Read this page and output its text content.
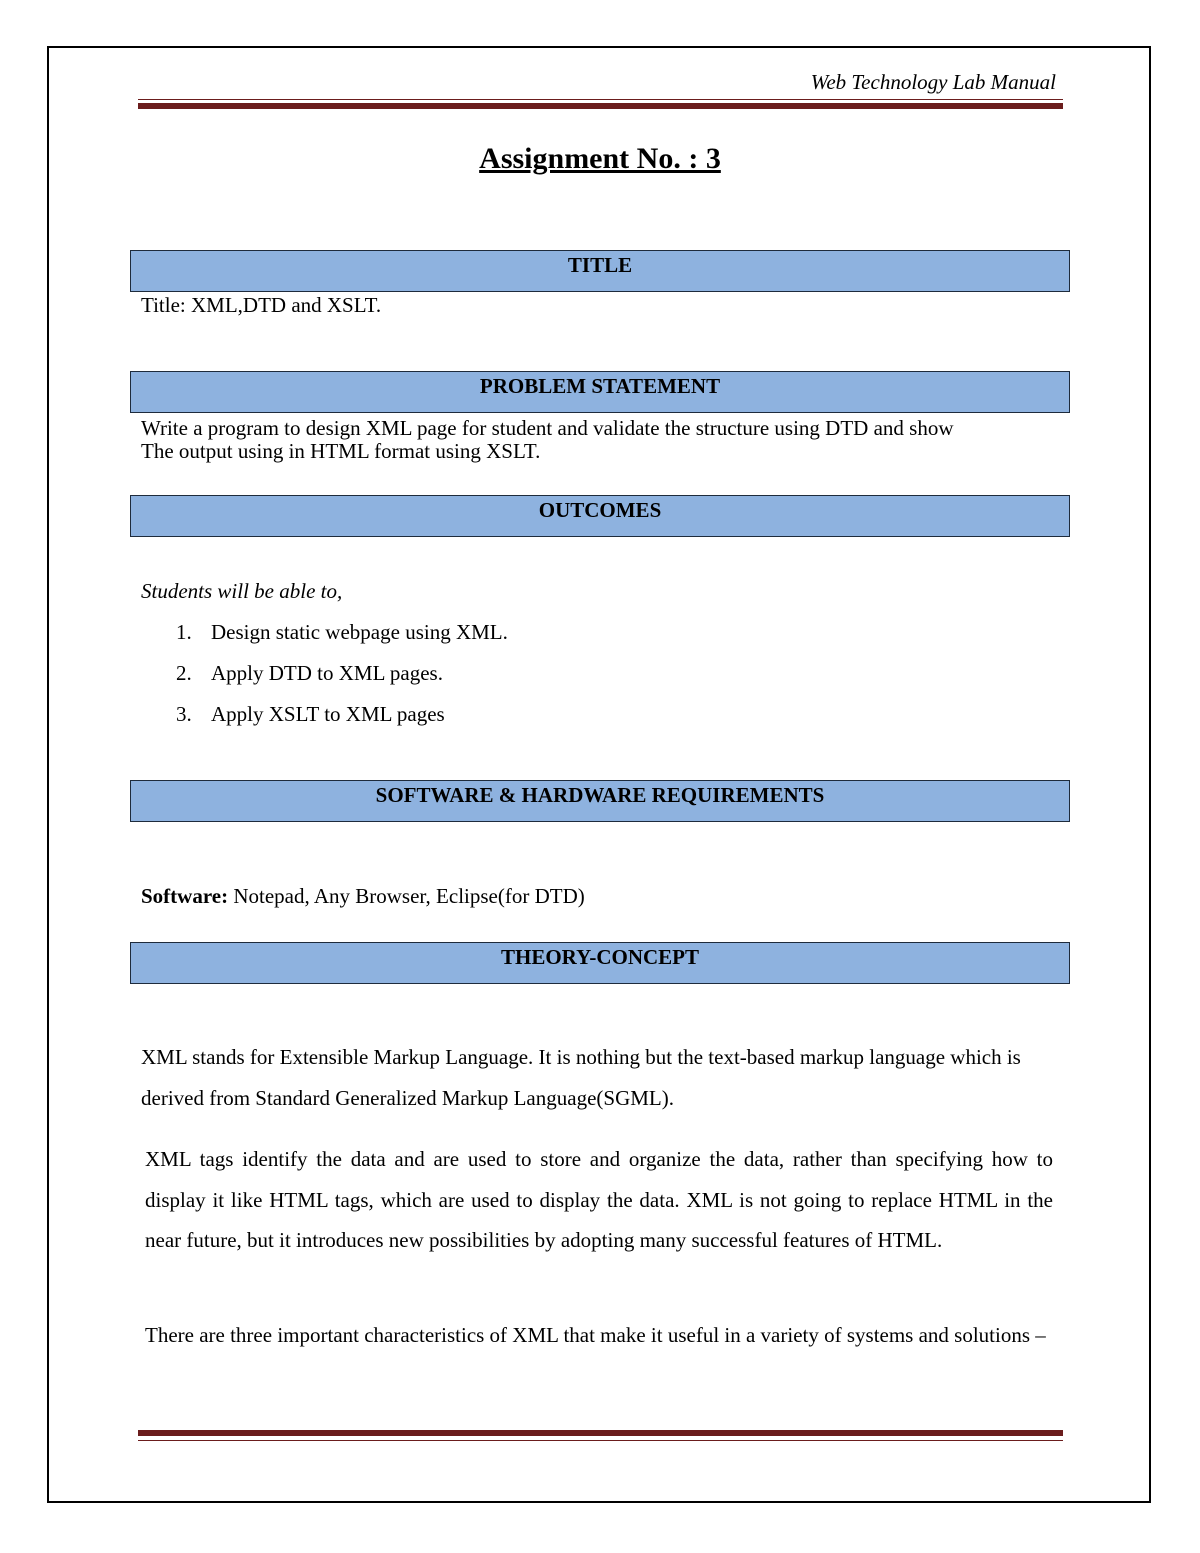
Web Technology Lab Manual
Assignment No. : 3
TITLE
Title: XML,DTD and XSLT.
PROBLEM STATEMENT
Write a program to design XML page for student and validate the structure using DTD and show
The output using in HTML format using XSLT.
OUTCOMES
Students will be able to,
1. Design static webpage using XML.
2. Apply DTD to XML pages.
3. Apply XSLT to XML pages
SOFTWARE & HARDWARE REQUIREMENTS
Software: Notepad, Any Browser, Eclipse(for DTD)
THEORY-CONCEPT
XML stands for Extensible Markup Language. It is nothing but the text-based markup language which is derived from Standard Generalized Markup Language(SGML).
XML tags identify the data and are used to store and organize the data, rather than specifying how to display it like HTML tags, which are used to display the data. XML is not going to replace HTML in the near future, but it introduces new possibilities by adopting many successful features of HTML.
There are three important characteristics of XML that make it useful in a variety of systems and solutions –
